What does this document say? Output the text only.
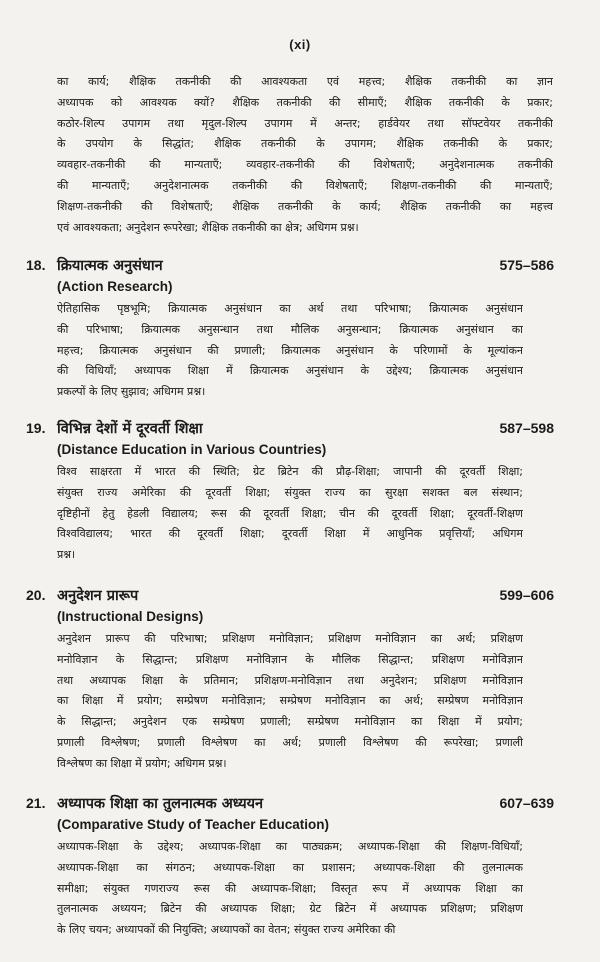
(xi)
का कार्य; शैक्षिक तकनीकी की आवश्यकता एवं महत्त्व; शैक्षिक तकनीकी का ज्ञान
अध्यापक को आवश्यक क्यों? शैक्षिक तकनीकी की सीमाएँ; शैक्षिक तकनीकी के प्रकार;
कठोर-शिल्प उपागम तथा मृदुल-शिल्प उपागम में अन्तर; हार्डवेयर तथा सॉफ्टवेयर तकनीकी
के उपयोग के सिद्धांत; शैक्षिक तकनीकी के उपागम; शैक्षिक तकनीकी के प्रकार;
व्यवहार-तकनीकी की मान्यताएँ; व्यवहार-तकनीकी की विशेषताएँ; अनुदेशनात्मक तकनीकी
की मान्यताएँ; अनुदेशनात्मक तकनीकी की विशेषताएँ; शिक्षण-तकनीकी की मान्यताएँ;
शिक्षण-तकनीकी की विशेषताएँ; शैक्षिक तकनीकी के कार्य; शैक्षिक तकनीकी का महत्त्व
एवं आवश्यकता; अनुदेशन रूपरेखा; शैक्षिक तकनीकी का क्षेत्र; अधिगम प्रश्न।
18. क्रियात्मक अनुसंधान	575–586
(Action Research)
ऐतिहासिक पृष्ठभूमि; क्रियात्मक अनुसंधान का अर्थ तथा परिभाषा; क्रियात्मक अनुसंधान
की परिभाषा; क्रियात्मक अनुसन्धान तथा मौलिक अनुसन्धान; क्रियात्मक अनुसंधान का
महत्त्व; क्रियात्मक अनुसंधान की प्रणाली; क्रियात्मक अनुसंधान के परिणामों के मूल्यांकन
की विधियाँ; अध्यापक शिक्षा में क्रियात्मक अनुसंधान के उद्देश्य; क्रियात्मक अनुसंधान
प्रकल्पों के लिए सुझाव; अधिगम प्रश्न।
19. विभिन्न देशों में दूरवर्ती शिक्षा	587–598
(Distance Education in Various Countries)
विश्व साक्षरता में भारत की स्थिति; ग्रेट ब्रिटेन की प्रौढ़-शिक्षा; जापानी की दूरवर्ती शिक्षा;
संयुक्त राज्य अमेरिका की दूरवर्ती शिक्षा; संयुक्त राज्य का सुरक्षा सशक्त बल संस्थान;
दृष्टिहीनों हेतु हेडली विद्यालय; रूस की दूरवर्ती शिक्षा; चीन की दूरवर्ती शिक्षा; दूरवर्ती-शिक्षण
विश्वविद्यालय; भारत की दूरवर्ती शिक्षा; दूरवर्ती शिक्षा में आधुनिक प्रवृत्तियाँ; अधिगम
प्रश्न।
20. अनुदेशन प्रारूप	599–606
(Instructional Designs)
अनुदेशन प्रारूप की परिभाषा; प्रशिक्षण मनोविज्ञान; प्रशिक्षण मनोविज्ञान का अर्थ; प्रशिक्षण
मनोविज्ञान के सिद्धान्त; प्रशिक्षण मनोविज्ञान के मौलिक सिद्धान्त; प्रशिक्षण मनोविज्ञान
तथा अध्यापक शिक्षा के प्रतिमान; प्रशिक्षण-मनोविज्ञान तथा अनुदेशन; प्रशिक्षण मनोविज्ञान
का शिक्षा में प्रयोग; सम्प्रेषण मनोविज्ञान; सम्प्रेषण मनोविज्ञान का अर्थ; सम्प्रेषण मनोविज्ञान
के सिद्धान्त; अनुदेशन एक सम्प्रेषण प्रणाली; सम्प्रेषण मनोविज्ञान का शिक्षा में प्रयोग;
प्रणाली विश्लेषण; प्रणाली विश्लेषण का अर्थ; प्रणाली विश्लेषण की रूपरेखा; प्रणाली
विश्लेषण का शिक्षा में प्रयोग; अधिगम प्रश्न।
21. अध्यापक शिक्षा का तुलनात्मक अध्ययन	607–639
(Comparative Study of Teacher Education)
अध्यापक-शिक्षा के उद्देश्य; अध्यापक-शिक्षा का पाठ्यक्रम; अध्यापक-शिक्षा की शिक्षण-विधियाँ;
अध्यापक-शिक्षा का संगठन; अध्यापक-शिक्षा का प्रशासन; अध्यापक-शिक्षा की तुलनात्मक
समीक्षा; संयुक्त गणराज्य रूस की अध्यापक-शिक्षा; विस्तृत रूप में अध्यापक शिक्षा का
तुलनात्मक अध्ययन; ब्रिटेन की अध्यापक शिक्षा; ग्रेट ब्रिटेन में अध्यापक प्रशिक्षण; प्रशिक्षण
के लिए चयन; अध्यापकों की नियुक्ति; अध्यापकों का वेतन; संयुक्त राज्य अमेरिका की
